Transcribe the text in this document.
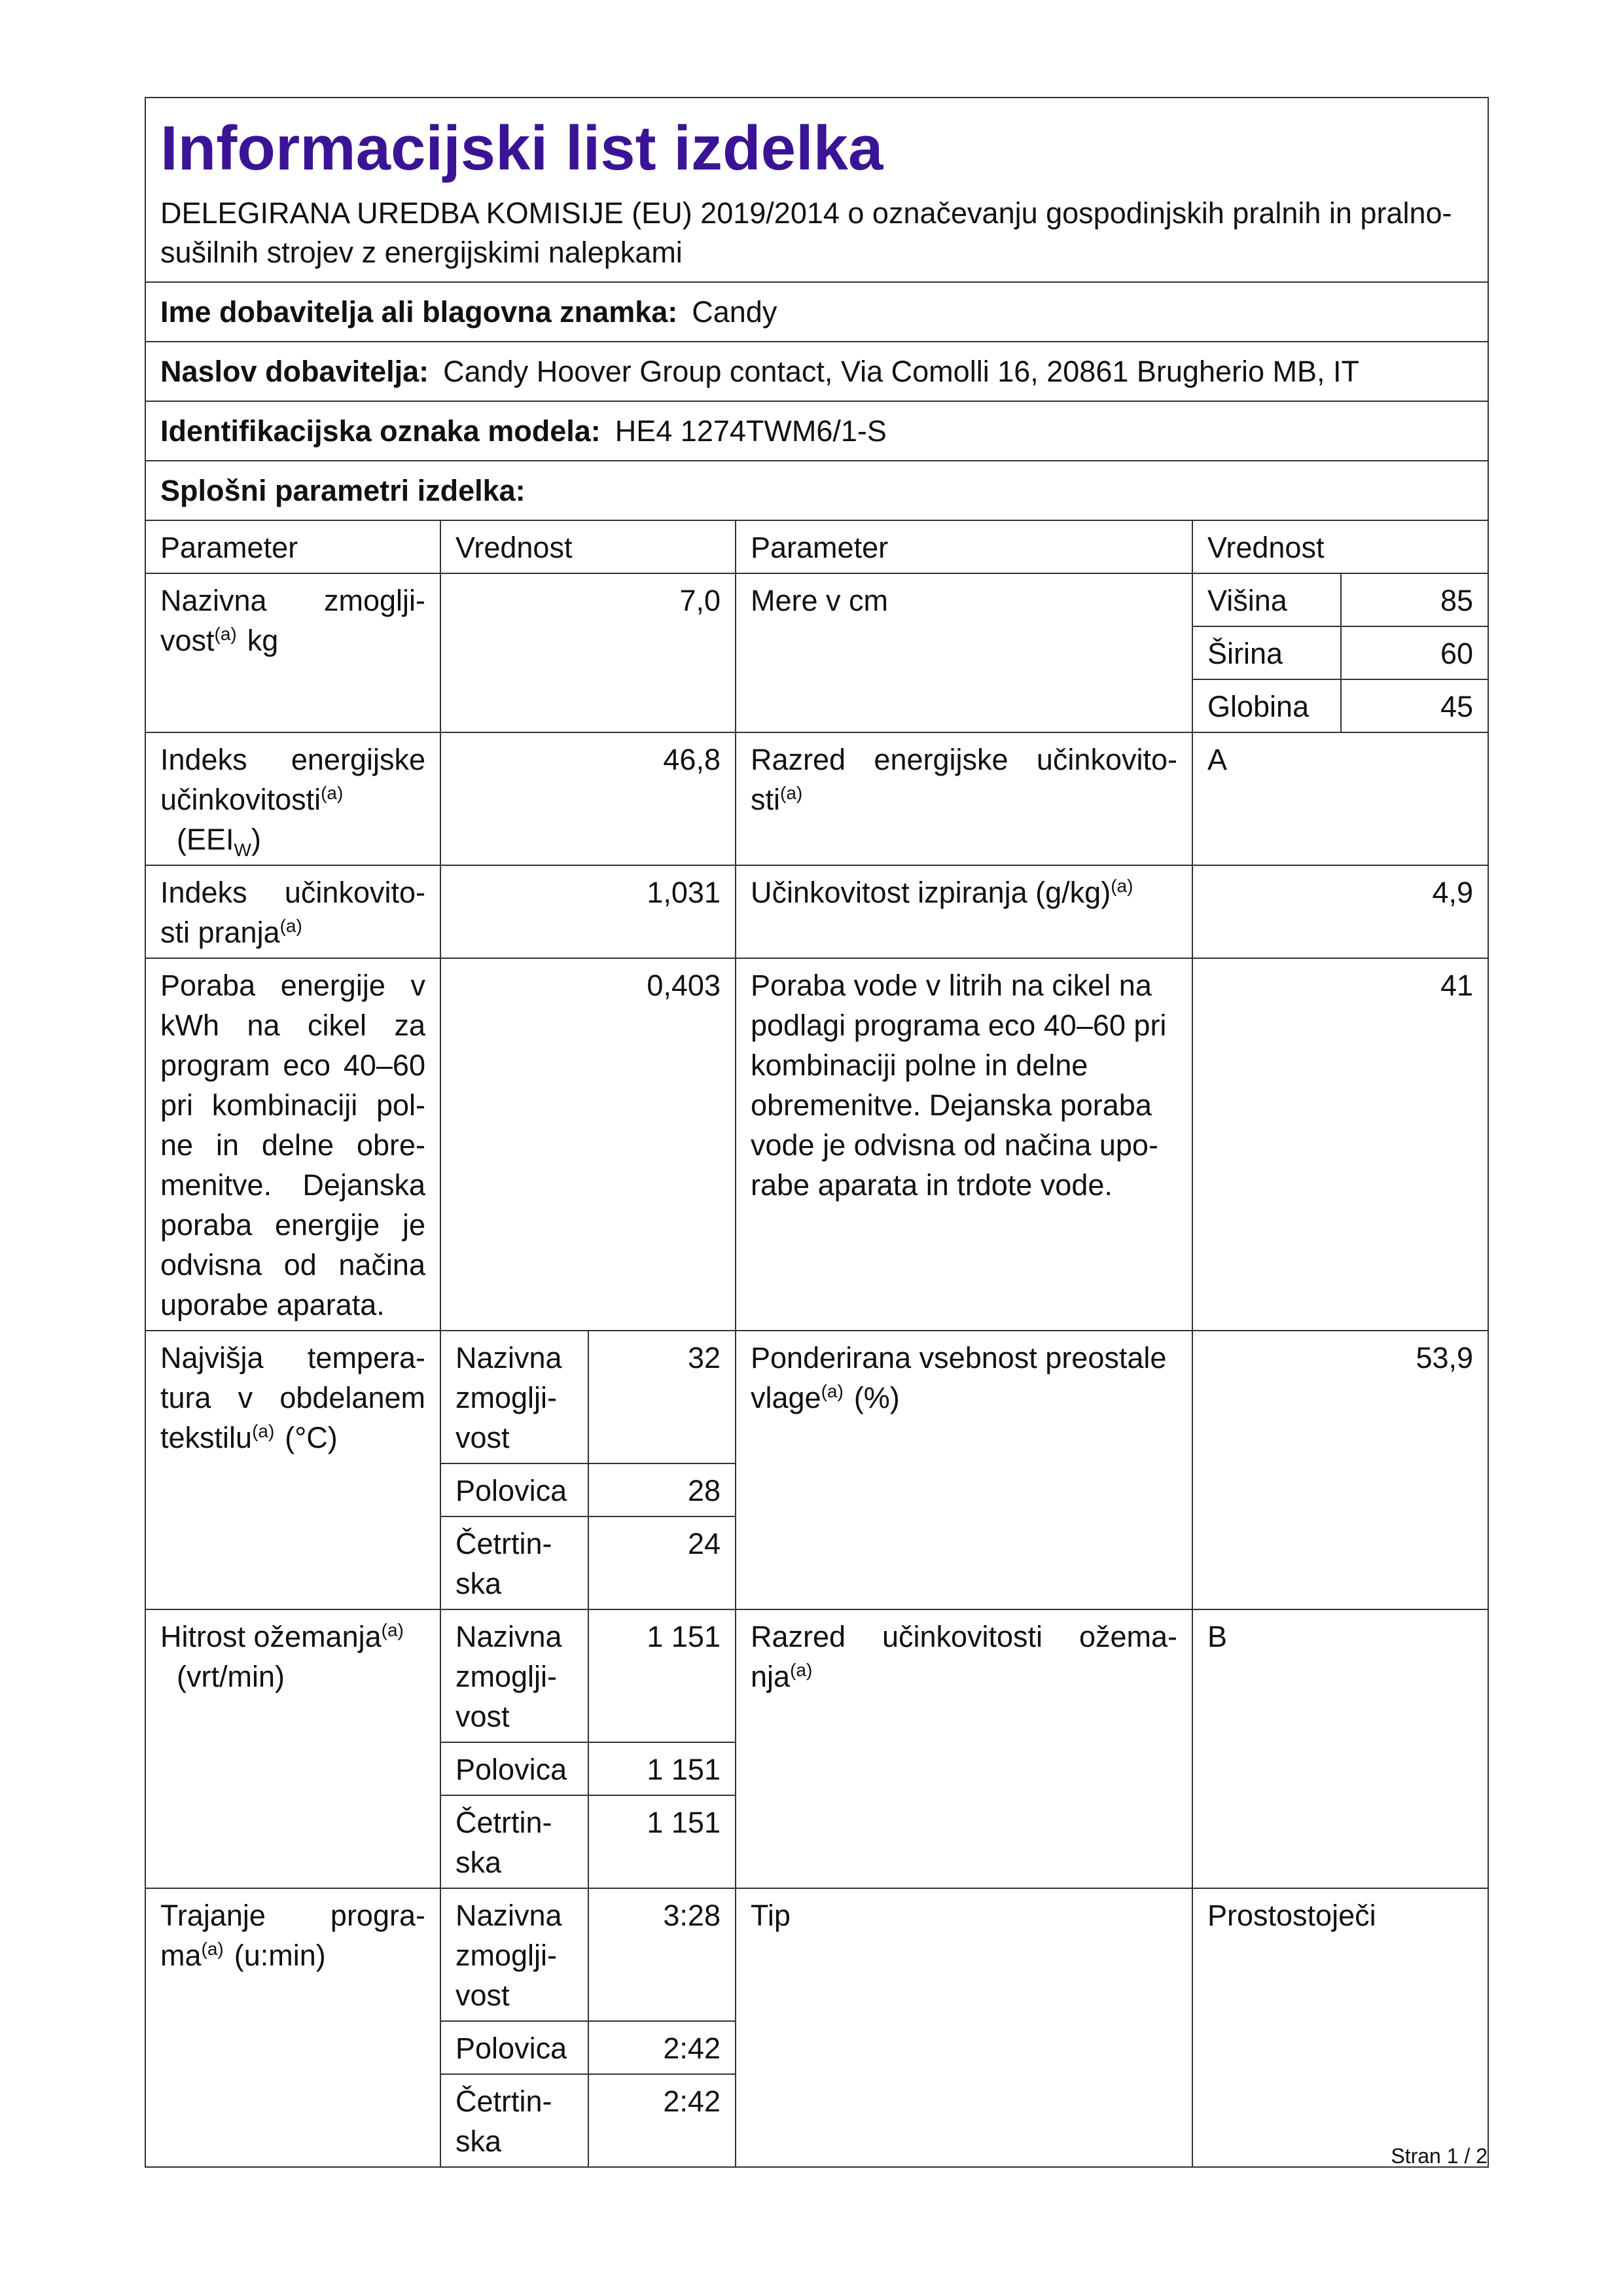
Informacijski list izdelka
DELEGIRANA UREDBA KOMISIJE (EU) 2019/2014 o označevanju gospodinjskih pralnih in pralno-sušilnih strojev z energijskimi nalepkami					

Ime dobavitelja ali blagovna znamka: Candy					
Naslov dobavitelja: Candy Hoover Group contact, Via Comolli 16, 20861 Brugherio MB, IT					
Identifikacijska oznaka modela: HE4 1274TWM6/1-S					
Splošni parametri izdelka:					
Parameter	Vrednost		Parameter	Vrednost	
Nazivna zmoglji-vost$^{(a)}$ kg	7,0		Mere v cm	Višina	85
				Širina	60
				Globina	45
Indeks energijske učinkovitosti$^{(a)}$
$(EEI_W)$	46,8		Razred energijske učinkovito-sti$^{(a)}$	A	
Indeks učinkovito-sti pranja$^{(a)}$	1,031		Učinkovitost izpiranja $(g/kg)^{(a)}$	4,9	
Poraba energije v kWh na cikel za program eco 40–60 pri kombinaciji pol-ne in delne obre-menitve. Dejanska poraba energije je odvisna od načina uporabe aparata.	0,403		Poraba vode v litrih na cikel na podlagi programa eco 40–60 pri kombinaciji polne in delne obremenitve. Dejanska poraba vode je odvisna od načina upo-rabe aparata in trdote vode.	41	
Najvišja tempera-tura v obdelanem tekstilu$^{(a)}$ (°C)	Nazivna zmoglji-vost	32	Ponderirana vsebnost preostale vlage$^{(a)}$ (%)	53,9	
	Polovica	28			
	Četrtin-ska	24			
Hitrost ožemanja$^{(a)}$
(vrt/min)	Nazivna zmoglji-vost	1 151	Razred učinkovitosti ožema-nja$^{(a)}$	B	
	Polovica	1 151			
	Četrtin-ska	1 151			
Trajanje progra-$ma^{(a)}$ (u:min)	Nazivna zmoglji-vost	3:28	Tip	Prostostoječi	
	Polovica	2:42			
	Četrtin-ska	2:42			
Stran 1 / 2
